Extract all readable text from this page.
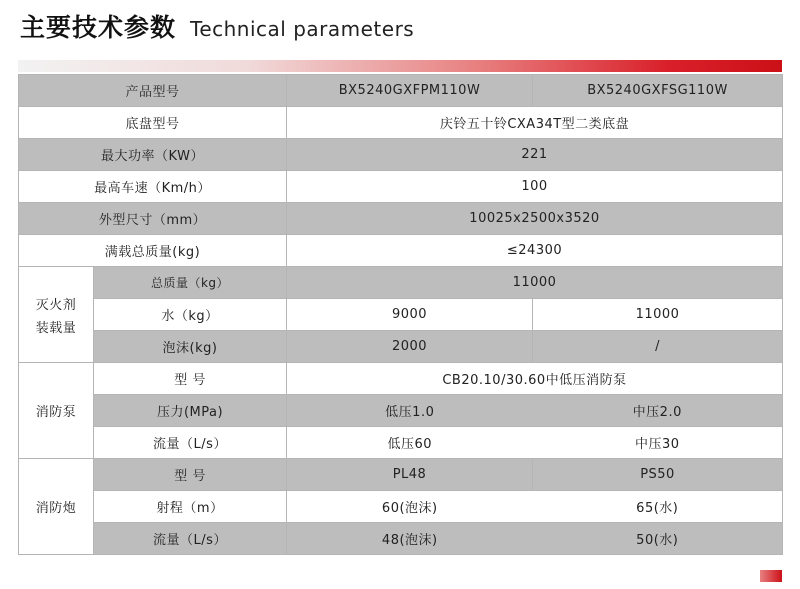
主要技术参数 Technical parameters
产品型号		BX5240GXFPM110W	BX5240GXFSG110W
底盘型号		庆铃五十铃CXA34T型二类底盘	
最大功率（KW）		221	
最高车速（Km/h）		100	
外型尺寸（mm）		10025x2500x3520	
满载总质量(kg)		≤24300	

灭火剂
装载量	总质量（kg）	11000	
	水（kg）	9000	11000
	泡沫(kg)	2000	/
消防泵	型 号	CB20.10/30.60中低压消防泵	
	压力(MPa)	低压1.0	中压2.0
	流量（L/s）	低压60	中压30
消防炮	型 号	PL48	PS50
	射程（m）	60(泡沫)	65(水)
	流量（L/s）	48(泡沫)	50(水)
